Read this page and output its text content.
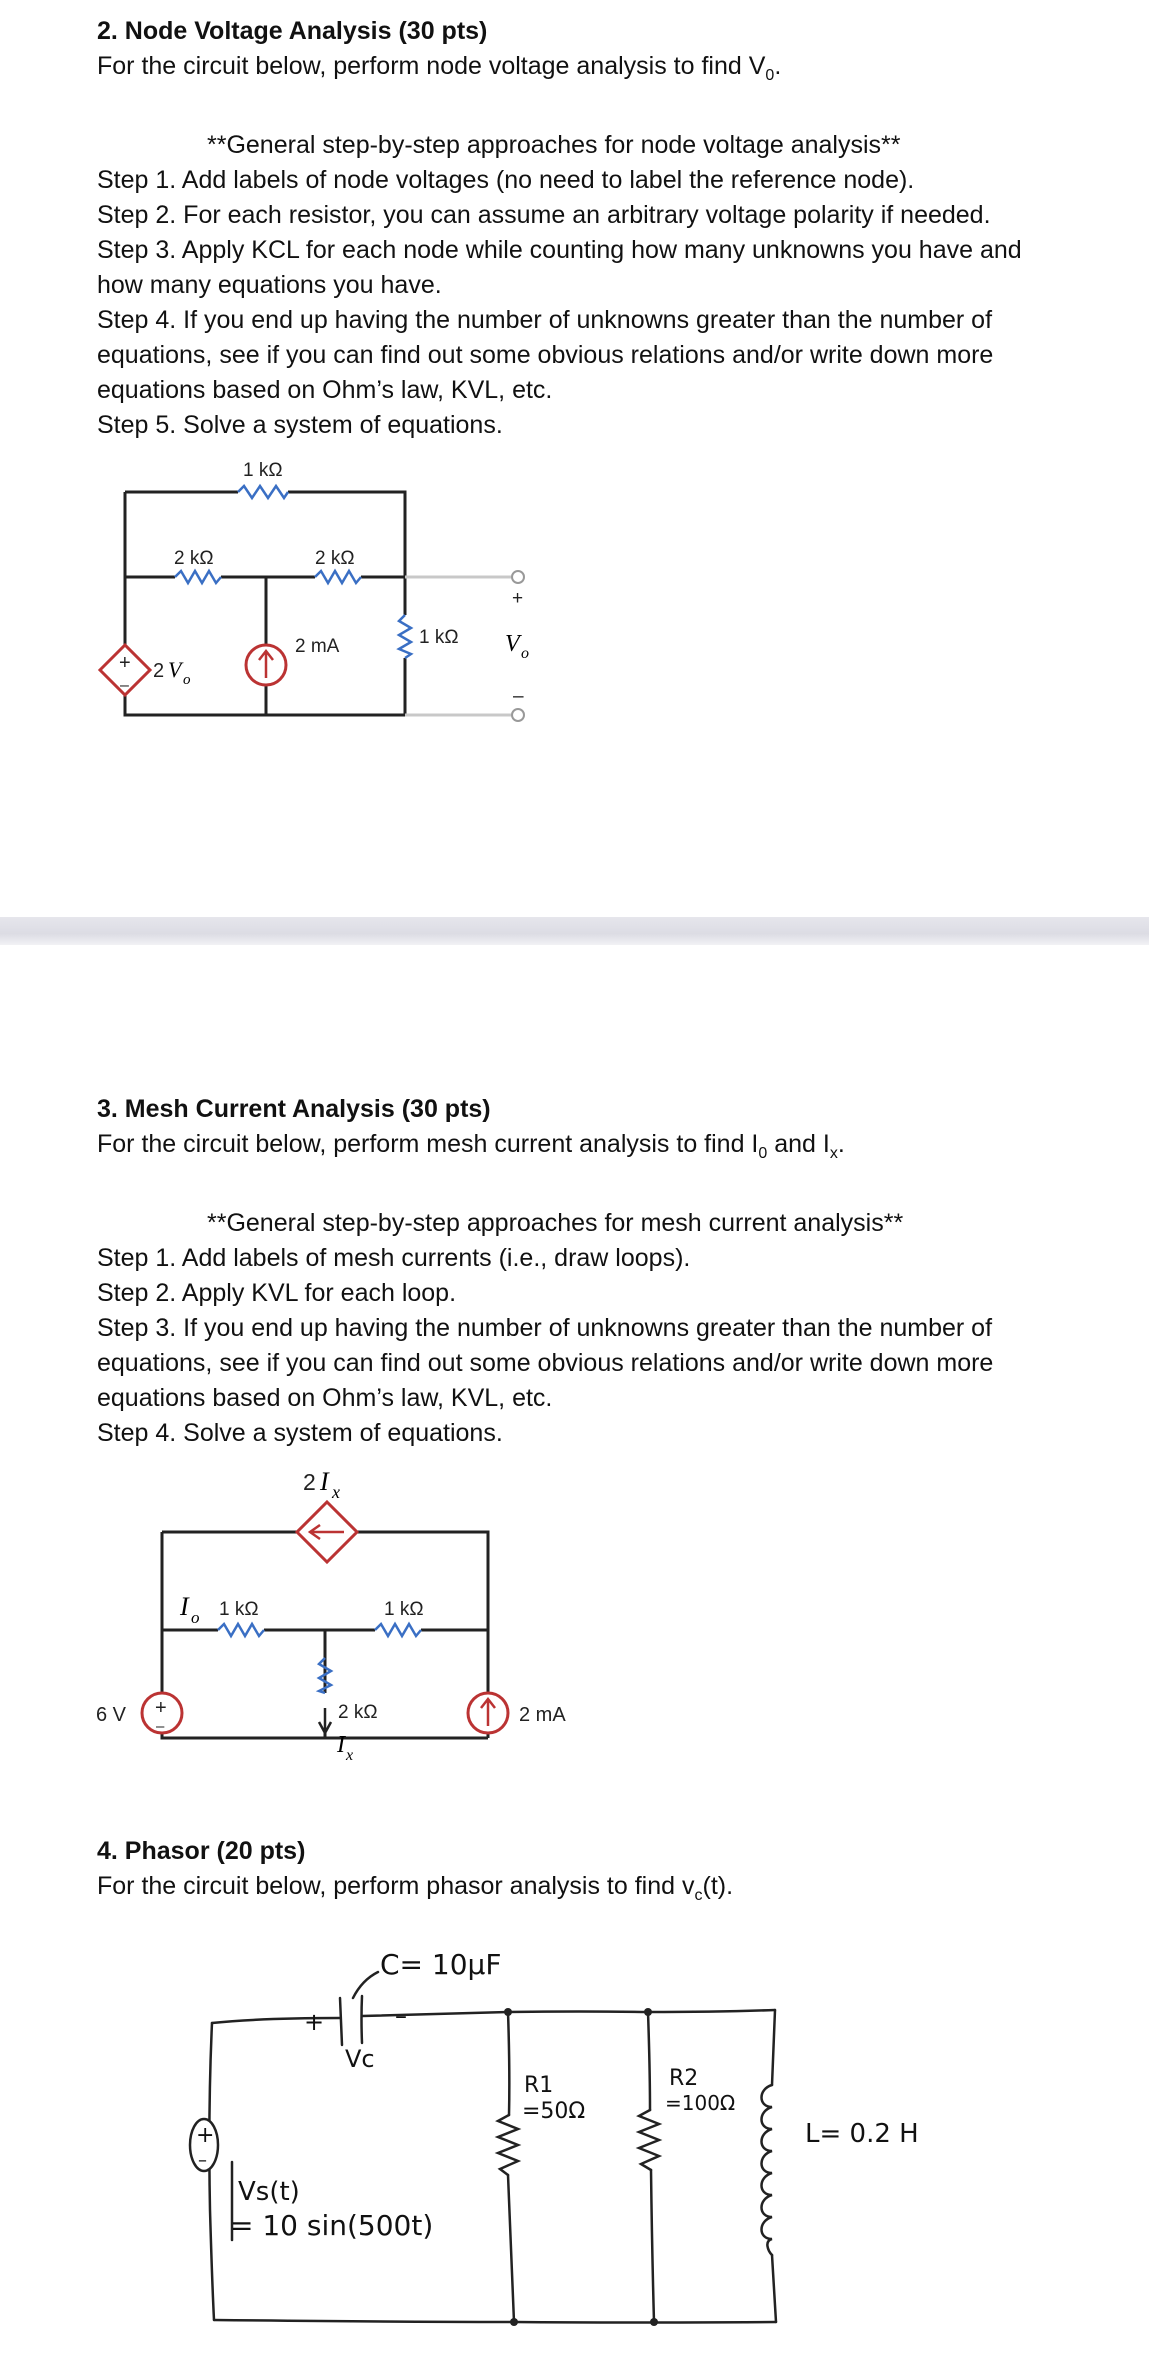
2. Node Voltage Analysis (30 pts)
For the circuit below, perform node voltage analysis to find $V_0$.
**General step-by-step approaches for node voltage analysis**
Step 1. Add labels of node voltages (no need to label the reference node).
Step 2. For each resistor, you can assume an arbitrary voltage polarity if needed.
Step 3. Apply KCL for each node while counting how many unknowns you have and how many equations you have.
Step 4. If you end up having the number of unknowns greater than the number of equations, see if you can find out some obvious relations and/or write down more equations based on Ohm’s law, KVL, etc.
Step 5. Solve a system of equations.
+
–
2 V o
1 kΩ
2 kΩ	2 kΩ
1 kΩ
2 mA
+
–
V o
3. Mesh Current Analysis (30 pts)
For the circuit below, perform mesh current analysis to find $I_0$ and $I_x$.
**General step-by-step approaches for mesh current analysis**
Step 1. Add labels of mesh currents (i.e., draw loops).
Step 2. Apply KVL for each loop.
Step 3. If you end up having the number of unknowns greater than the number of equations, see if you can find out some obvious relations and/or write down more equations based on Ohm’s law, KVL, etc.
Step 4. Solve a system of equations.
+
–
2 I x
I o 1 kΩ	1 kΩ
2 kΩ
I x
6 V	2 mA
4. Phasor (20 pts)
For the circuit below, perform phasor analysis to find $v_c(t)$.
+
–
C= 10μF
+	–
Vc
R1
=50Ω
R2
=100Ω
L= 0.2 H
Vs(t)
= 10 sin(500t)
